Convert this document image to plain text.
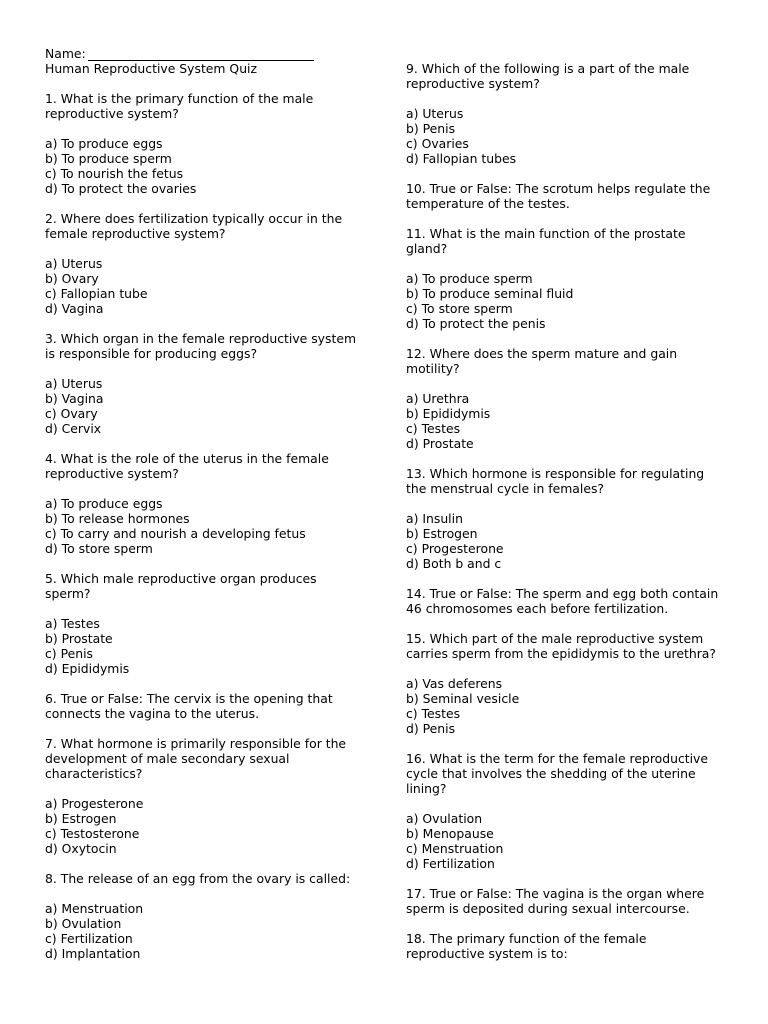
Name:
Human Reproductive System Quiz
1. What is the primary function of the male
reproductive system?
a) To produce eggs
b) To produce sperm
c) To nourish the fetus
d) To protect the ovaries
2. Where does fertilization typically occur in the
female reproductive system?
a) Uterus
b) Ovary
c) Fallopian tube
d) Vagina
3. Which organ in the female reproductive system
is responsible for producing eggs?
a) Uterus
b) Vagina
c) Ovary
d) Cervix
4. What is the role of the uterus in the female
reproductive system?
a) To produce eggs
b) To release hormones
c) To carry and nourish a developing fetus
d) To store sperm
5. Which male reproductive organ produces
sperm?
a) Testes
b) Prostate
c) Penis
d) Epididymis
6. True or False: The cervix is the opening that
connects the vagina to the uterus.
7. What hormone is primarily responsible for the
development of male secondary sexual
characteristics?
a) Progesterone
b) Estrogen
c) Testosterone
d) Oxytocin
8. The release of an egg from the ovary is called:
a) Menstruation
b) Ovulation
c) Fertilization
d) Implantation
9. Which of the following is a part of the male
reproductive system?
a) Uterus
b) Penis
c) Ovaries
d) Fallopian tubes
10. True or False: The scrotum helps regulate the
temperature of the testes.
11. What is the main function of the prostate
gland?
a) To produce sperm
b) To produce seminal fluid
c) To store sperm
d) To protect the penis
12. Where does the sperm mature and gain
motility?
a) Urethra
b) Epididymis
c) Testes
d) Prostate
13. Which hormone is responsible for regulating
the menstrual cycle in females?
a) Insulin
b) Estrogen
c) Progesterone
d) Both b and c
14. True or False: The sperm and egg both contain
46 chromosomes each before fertilization.
15. Which part of the male reproductive system
carries sperm from the epididymis to the urethra?
a) Vas deferens
b) Seminal vesicle
c) Testes
d) Penis
16. What is the term for the female reproductive
cycle that involves the shedding of the uterine
lining?
a) Ovulation
b) Menopause
c) Menstruation
d) Fertilization
17. True or False: The vagina is the organ where
sperm is deposited during sexual intercourse.
18. The primary function of the female
reproductive system is to:
